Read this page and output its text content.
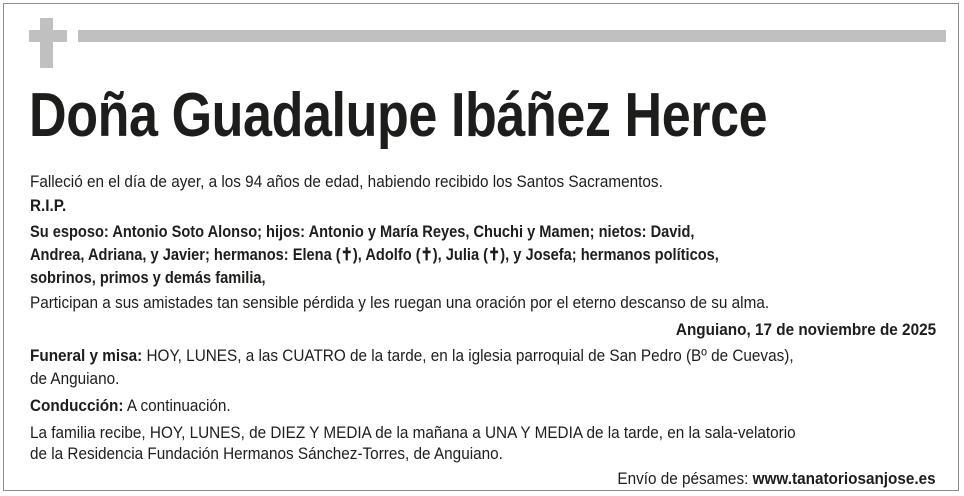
Doña Guadalupe Ibáñez Herce
Falleció en el día de ayer, a los 94 años de edad, habiendo recibido los Santos Sacramentos.
R.I.P.
Su esposo: Antonio Soto Alonso; hijos: Antonio y María Reyes, Chuchi y Mamen; nietos: David,
Andrea, Adriana, y Javier; hermanos: Elena (✝), Adolfo (✝), Julia (✝), y Josefa; hermanos políticos,
sobrinos, primos y demás familia,
Participan a sus amistades tan sensible pérdida y les ruegan una oración por el eterno descanso de su alma.
Anguiano, 17 de noviembre de 2025
Funeral y misa: HOY, LUNES, a las CUATRO de la tarde, en la iglesia parroquial de San Pedro (Bº de Cuevas),
de Anguiano.
Conducción: A continuación.
La familia recibe, HOY, LUNES, de DIEZ Y MEDIA de la mañana a UNA Y MEDIA de la tarde, en la sala-velatorio
de la Residencia Fundación Hermanos Sánchez-Torres, de Anguiano.
Envío de pésames: www.tanatoriosanjose.es
